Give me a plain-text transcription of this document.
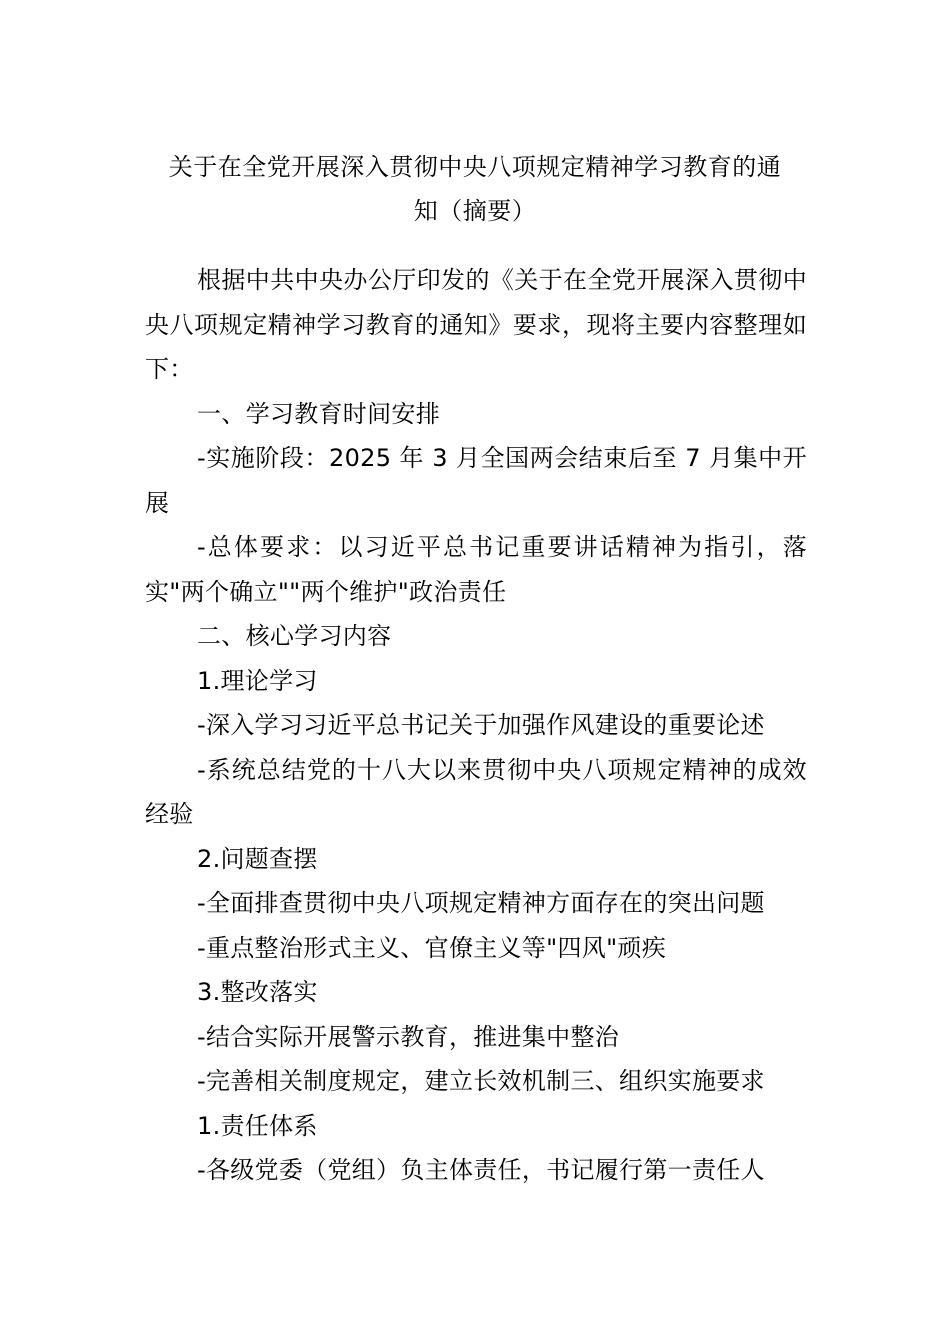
关于在全党开展深入贯彻中央八项规定精神学习教育的通
知（摘要）

根据中共中央办公厅印发的《关于在全党开展深入贯彻中央八项规定精神学习教育的通知》要求，现将主要内容整理如下：

一、学习教育时间安排

-实施阶段：2025 年 3 月全国两会结束后至 7 月集中开展

-总体要求：以习近平总书记重要讲话精神为指引，落实"两个确立""两个维护"政治责任

二、核心学习内容

1.理论学习

-深入学习习近平总书记关于加强作风建设的重要论述

-系统总结党的十八大以来贯彻中央八项规定精神的成效经验

2.问题查摆

-全面排查贯彻中央八项规定精神方面存在的突出问题

-重点整治形式主义、官僚主义等"四风"顽疾

3.整改落实

-结合实际开展警示教育，推进集中整治

-完善相关制度规定，建立长效机制三、组织实施要求

1.责任体系

-各级党委（党组）负主体责任，书记履行第一责任人
